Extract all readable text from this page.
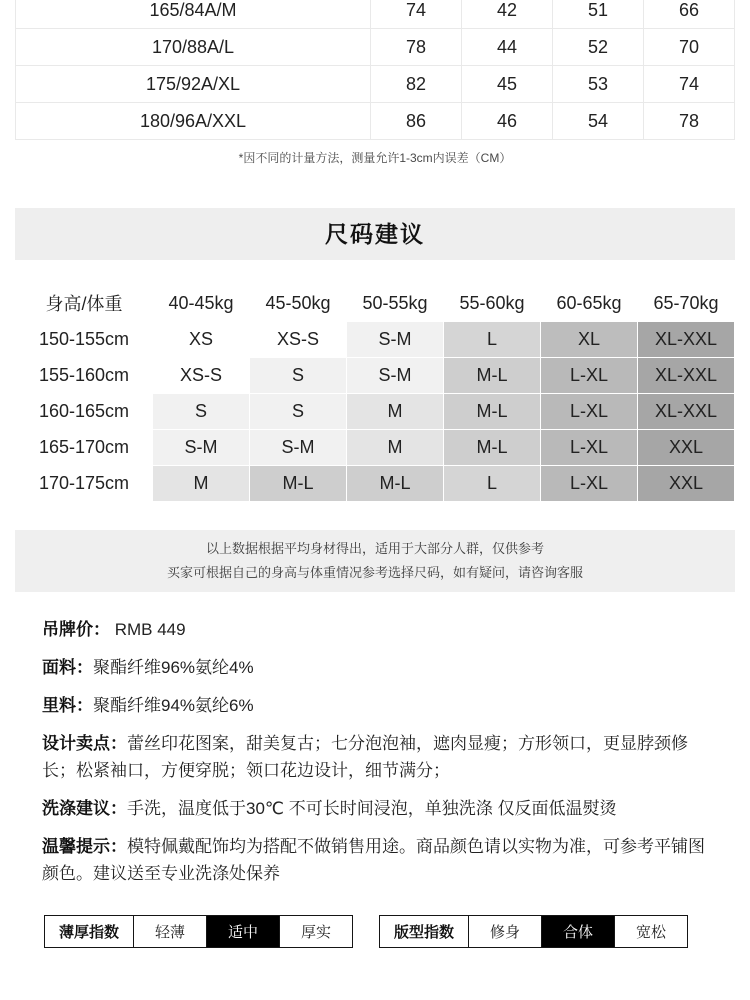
165/84A/M	74	42	51	66
170/88A/L	78	44	52	70
175/92A/XL	82	45	53	74
180/96A/XXL	86	46	54	78
*因不同的计量方法，测量允许1-3cm内误差（CM）
尺码建议
身高/体重	40-45kg	45-50kg	50-55kg	55-60kg	60-65kg	65-70kg
150-155cm	XS	XS-S	S-M	L	XL	XL-XXL
155-160cm	XS-S	S	S-M	M-L	L-XL	XL-XXL
160-165cm	S	S	M	M-L	L-XL	XL-XXL
165-170cm	S-M	S-M	M	M-L	L-XL	XXL
170-175cm	M	M-L	M-L	L	L-XL	XXL
以上数据根据平均身材得出，适用于大部分人群，仅供参考
买家可根据自己的身高与体重情况参考选择尺码，如有疑问，请咨询客服

吊牌价： RMB 449

面料：聚酯纤维96%氨纶4%

里料：聚酯纤维94%氨纶6%

设计卖点：蕾丝印花图案，甜美复古；七分泡泡袖，遮肉显瘦；方形领口，更显脖颈修长；松紧袖口，方便穿脱；领口花边设计，细节满分；

洗涤建议：手洗，温度低于30℃ 不可长时间浸泡，单独洗涤 仅反面低温熨烫

温馨提示：模特佩戴配饰均为搭配不做销售用途。商品颜色请以实物为准，可参考平铺图颜色。建议送至专业洗涤处保养

薄厚指数	轻薄	适中	厚实	版型指数	修身	合体	宽松
